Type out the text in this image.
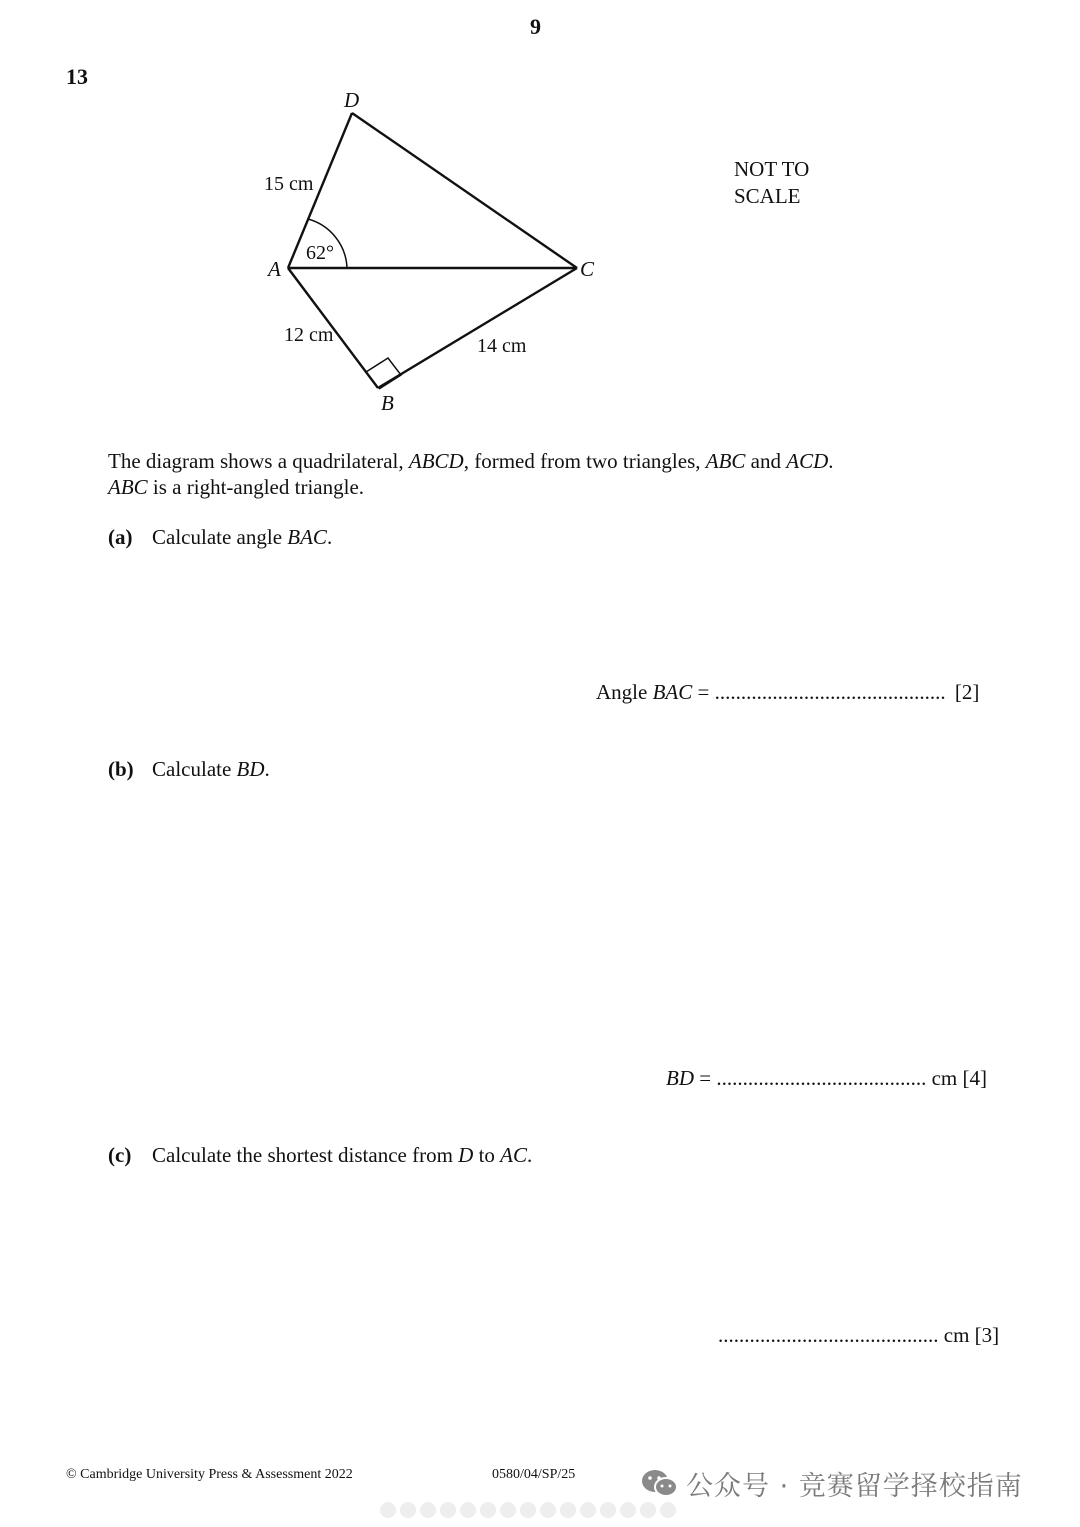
9
13
D
A	C
B
15 cm
62°
12 cm	14 cm
NOT TO
SCALE
The diagram shows a quadrilateral, ABCD, formed from two triangles, ABC and ACD.
ABC is a right-angled triangle.
(a) Calculate angle BAC.
Angle BAC = ............................................ [2]
(b) Calculate BD.
BD = ........................................ cm [4]
(c) Calculate the shortest distance from D to AC.
.......................................... cm [3]
© Cambridge University Press & Assessment 2022	0580/04/SP/25	公众号 · 竞赛留学择校指南
